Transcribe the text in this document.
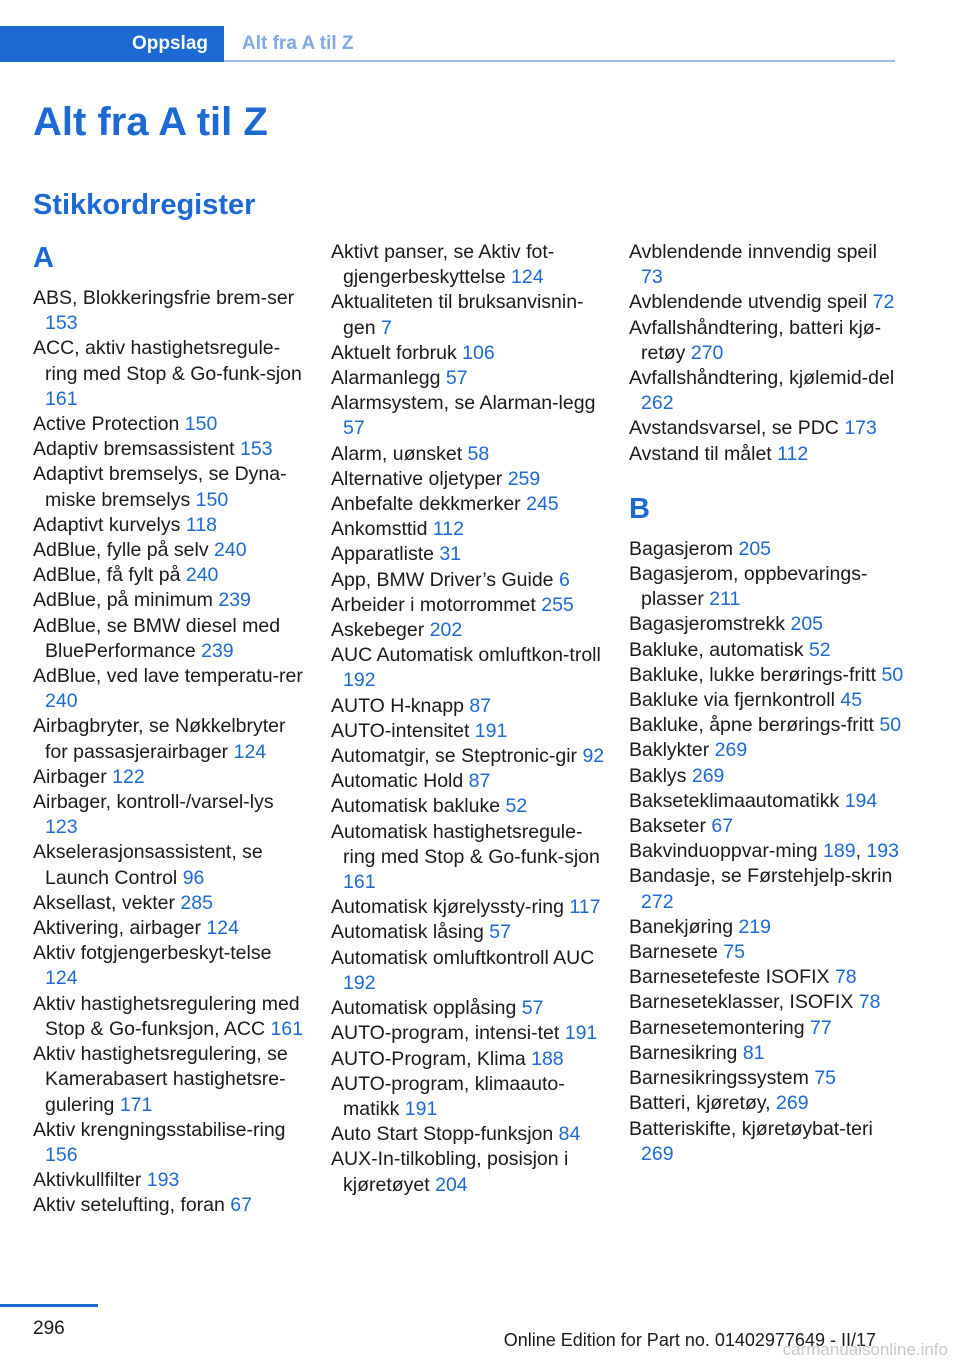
Oppslag	Alt fra A til Z
Alt fra A til Z
Stikkordregister
A

ABS, Blokkeringsfrie brem‐ser 153

ACC, aktiv hastighetsregule‐ring med Stop & Go-funk‐sjon 161

Active Protection 150

Adaptiv bremsassistent 153

Adaptivt bremselys, se Dyna‐miske bremselys 150

Adaptivt kurvelys 118

AdBlue, fylle på selv 240

AdBlue, få fylt på 240

AdBlue, på minimum 239

AdBlue, se BMW diesel med BluePerformance 239

AdBlue, ved lave temperatu‐rer 240

Airbagbryter, se Nøkkelbryter for passasjerairbager 124

Airbager 122

Airbager, kontroll-/varsel‐lys 123

Akselerasjonsassistent, se Launch Control 96

Aksellast, vekter 285

Aktivering, airbager 124

Aktiv fotgjengerbeskyt‐telse 124

Aktiv hastighetsregulering med Stop & Go-funksjon, ACC 161

Aktiv hastighetsregulering, se Kamerabasert hastighetsre‐gulering 171

Aktiv krengningsstabilise‐ring 156

Aktivkullfilter 193

Aktiv setelufting, foran 67

Aktivt panser, se Aktiv fot‐gjengerbeskyttelse 124

Aktualiteten til bruksanvisnin‐gen 7

Aktuelt forbruk 106

Alarmanlegg 57

Alarmsystem, se Alarman‐legg 57

Alarm, uønsket 58

Alternative oljetyper 259

Anbefalte dekkmerker 245

Ankomsttid 112

Apparatliste 31

App, BMW Driver’s Guide 6

Arbeider i motorrommet 255

Askebeger 202

AUC Automatisk omluftkon‐troll 192

AUTO H-knapp 87

AUTO-intensitet 191

Automatgir, se Steptronic-gir 92

Automatic Hold 87

Automatisk bakluke 52

Automatisk hastighetsregule‐ring med Stop & Go-funk‐sjon 161

Automatisk kjørelyssty‐ring 117

Automatisk låsing 57

Automatisk omluftkontroll AUC 192

Automatisk opplåsing 57

AUTO-program, intensi‐tet 191

AUTO-Program, Klima 188

AUTO-program, klimaauto‐matikk 191

Auto Start Stopp-funksjon 84

AUX-In-tilkobling, posisjon i kjøretøyet 204

Avblendende innvendig speil 73

Avblendende utvendig speil 72

Avfallshåndtering, batteri kjø‐retøy 270

Avfallshåndtering, kjølemid‐del 262

Avstandsvarsel, se PDC 173

Avstand til målet 112

B

Bagasjerom 205

Bagasjerom, oppbevarings‐plasser 211

Bagasjeromstrekk 205

Bakluke, automatisk 52

Bakluke, lukke berørings‐fritt 50

Bakluke via fjernkontroll 45

Bakluke, åpne berørings‐fritt 50

Baklykter 269

Baklys 269

Bakseteklimaautomatikk 194

Bakseter 67

Bakvinduoppvar‐ming 189, 193

Bandasje, se Førstehjelp‐skrin 272

Banekjøring 219

Barnesete 75

Barnesetefeste ISOFIX 78

Barneseteklasser, ISOFIX 78

Barnesetemontering 77

Barnesikring 81

Barnesikringssystem 75

Batteri, kjøretøy, 269

Batteriskifte, kjøretøybat‐teri 269

296
Online Edition for Part no. 01402977649 - II/17
carmanualsonline.info
